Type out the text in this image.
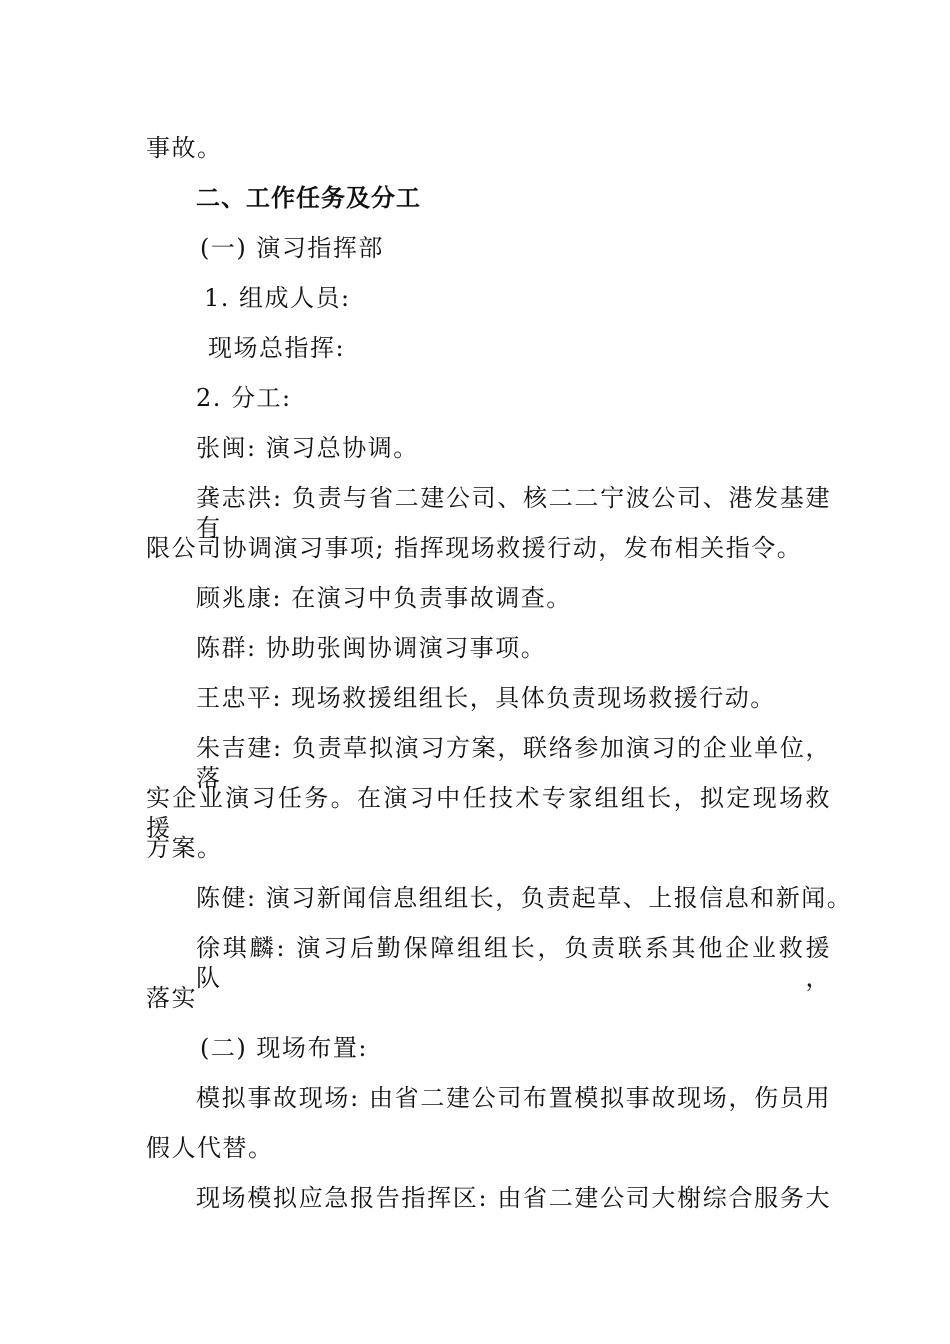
事故。
二、工作任务及分工
(一) 演习指挥部
1. 组成人员:
现场总指挥:
2. 分工:
张闽: 演习总协调。
龚志洪: 负责与省二建公司、核二二宁波公司、港发基建有
限公司协调演习事项; 指挥现场救援行动，发布相关指令。
顾兆康: 在演习中负责事故调查。
陈群: 协助张闽协调演习事项。
王忠平: 现场救援组组长，具体负责现场救援行动。
朱吉建: 负责草拟演习方案，联络参加演习的企业单位，落
实企业演习任务。在演习中任技术专家组组长，拟定现场救援
方案。
陈健: 演习新闻信息组组长，负责起草、上报信息和新闻。
徐琪麟: 演习后勤保障组组长，负责联系其他企业救援队，
落实
(二) 现场布置:
模拟事故现场: 由省二建公司布置模拟事故现场，伤员用
假人代替。
现场模拟应急报告指挥区: 由省二建公司大榭综合服务大
